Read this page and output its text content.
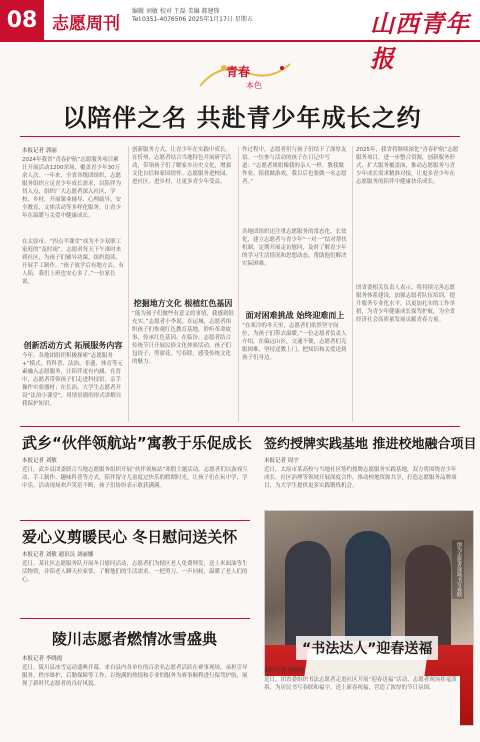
08 志愿周刊
编辑 刘敏 校对 王磊 美编 郝建锋
Tel:0351-4076506 2025年1月17日 星期五	山西青年报
青春
本色
以陪伴之名 共赴青少年成长之约
本报记者 郭丽
2024年我省“青春护航”志愿服务项目累计开展活动1200余场，覆盖青少年30万余人次。一年来，全省各级团组织、志愿服务组织立足青少年成长需求，以陪伴为切入点，组织广大志愿者深入社区、学校、乡村，开展课业辅导、心理疏导、安全教育、文体活动等多样化服务，让青少年在温暖与关爱中健康成长。
在太原市，“四点半课堂”成为不少双职工家庭的“及时雨”。志愿者每天下午准时来到社区，为孩子们辅导功课、组织阅读、开展手工制作。“孩子放学后有地方去、有人陪，我们上班也安心多了。”一位家长说。
创新活动方式 拓展服务内容
今年，各地团组织积极探索“志愿服务+”模式，将科普、法治、非遗、体育等元素融入志愿服务，让陪伴更有内涵。在晋中，志愿者带领孩子们走进科技馆，亲手操作实验器材；在长治，大学生志愿者开设“法治小课堂”，用情景剧的形式讲解自我保护知识。
创新服务方式，让青少年在实践中成长。在忻州，志愿者结合当地特色开展研学活动，带领孩子们了解家乡历史文化，增强文化自信和家国情怀。志愿服务进校园、进社区、进乡村，让更多青少年受益。
挖掘地方文化 根植红色基因
“能为孩子们做些有意义的事情，我感到很充实。”志愿者小李说。在运城，志愿者组织孩子们参观红色教育基地，聆听革命故事，传承红色基因。在临汾，志愿者结合传统节日开展民俗文化体验活动，孩子们包饺子、剪窗花、写春联，感受传统文化的魅力。
作过程中，志愿者们与孩子们结下了深厚友谊。一位参与活动的孩子在日记中写道：“志愿者姐姐像我的亲人一样，教我做作业，陪我做游戏，我以后也要做一名志愿者。”
各地团组织还注重志愿服务的常态化、长效化，建立志愿者与青少年“一对一”结对帮扶机制，定期开展走访慰问，及时了解青少年的学习生活情况和思想动态，帮助他们解决实际困难。
面对困难挑战 始终迎难而上
“在寒冷的冬天里，志愿者们依然坚守岗位，为孩子们带去温暖。”一位志愿者负责人介绍，在偏远山区，交通不便，志愿者们克服困难，坚持送教上门，把知识和关爱送到孩子们身边。
2025年，我省将继续深化“青春护航”志愿服务项目，进一步整合资源，创新服务形式，扩大服务覆盖面，推动志愿服务与青少年成长需求精准对接，让更多青少年在志愿服务的陪伴中健康快乐成长。
团省委相关负责人表示，将持续完善志愿服务体系建设，加强志愿者队伍培训，提升服务专业化水平，以更加扎实的工作举措，为青少年健康成长保驾护航，为全省经济社会高质量发展贡献青春力量。
武乡“伙伴领航站”寓教于乐促成长
本报记者 刘敏
近日，武乡县团委联合当地志愿服务组织开展“伙伴领航站”寒假主题活动。志愿者们以游戏互动、手工制作、趣味科普等方式，陪伴留守儿童度过快乐的假期时光，让孩子们在玩中学、学中乐。活动现场欢声笑语不断，孩子们纷纷表示收获满满。
签约授牌实践基地 推进校地融合项目
本报记者 周宇
近日，太原市某高校与当地社区签约授牌志愿服务实践基地，双方将围绕青少年成长、社区治理等领域开展深度合作，推动校地资源共享，打造志愿服务品牌项目，为大学生提供更多实践锻炼机会。
爱心义剪暖民心 冬日慰问送关怀
本报记者 刘敏 通讯员 刘丽娜
近日，某社区志愿服务队开展冬日慰问活动，志愿者们为辖区老人免费理发，送上米面油等生活物资，并陪老人聊天拉家常，了解他们的生活需求。一把剪刀、一声问候，温暖了老人们的心。
陵川志愿者燃情冰雪盛典
本报记者 李晓霞
近日，陵川县冰雪运动盛典开幕，来自县内各单位的百余名志愿者活跃在赛事现场，承担引导服务、秩序维护、后勤保障等工作，以饱满的热情和专业的服务为赛事顺利进行保驾护航，展现了新时代志愿者的良好风貌。
图为志愿者现场书写春联
“书法达人”迎春送福
本报记者 李晓霞
近日，团省委组织书法志愿者走进社区开展“迎春送福”活动，志愿者现场挥毫泼墨，为居民书写春联和福字，送上新春祝福，营造了浓厚的节日氛围。
